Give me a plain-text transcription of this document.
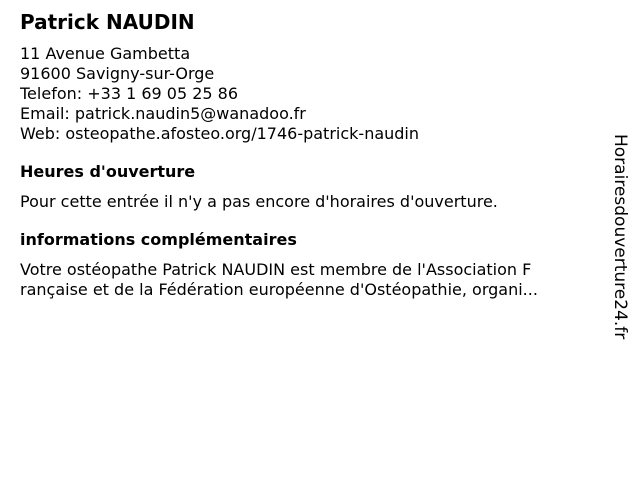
Patrick NAUDIN
11 Avenue Gambetta
91600 Savigny-sur-Orge
Telefon: +33 1 69 05 25 86
Email: patrick.naudin5@wanadoo.fr
Web: osteopathe.afosteo.org/1746-patrick-naudin
Heures d'ouverture
Pour cette entrée il n'y a pas encore d'horaires d'ouverture.
informations complémentaires
Votre ostéopathe Patrick NAUDIN est membre de l'Association F
rançaise et de la Fédération européenne d'Ostéopathie, organi...	Horairesdouverture24.fr
